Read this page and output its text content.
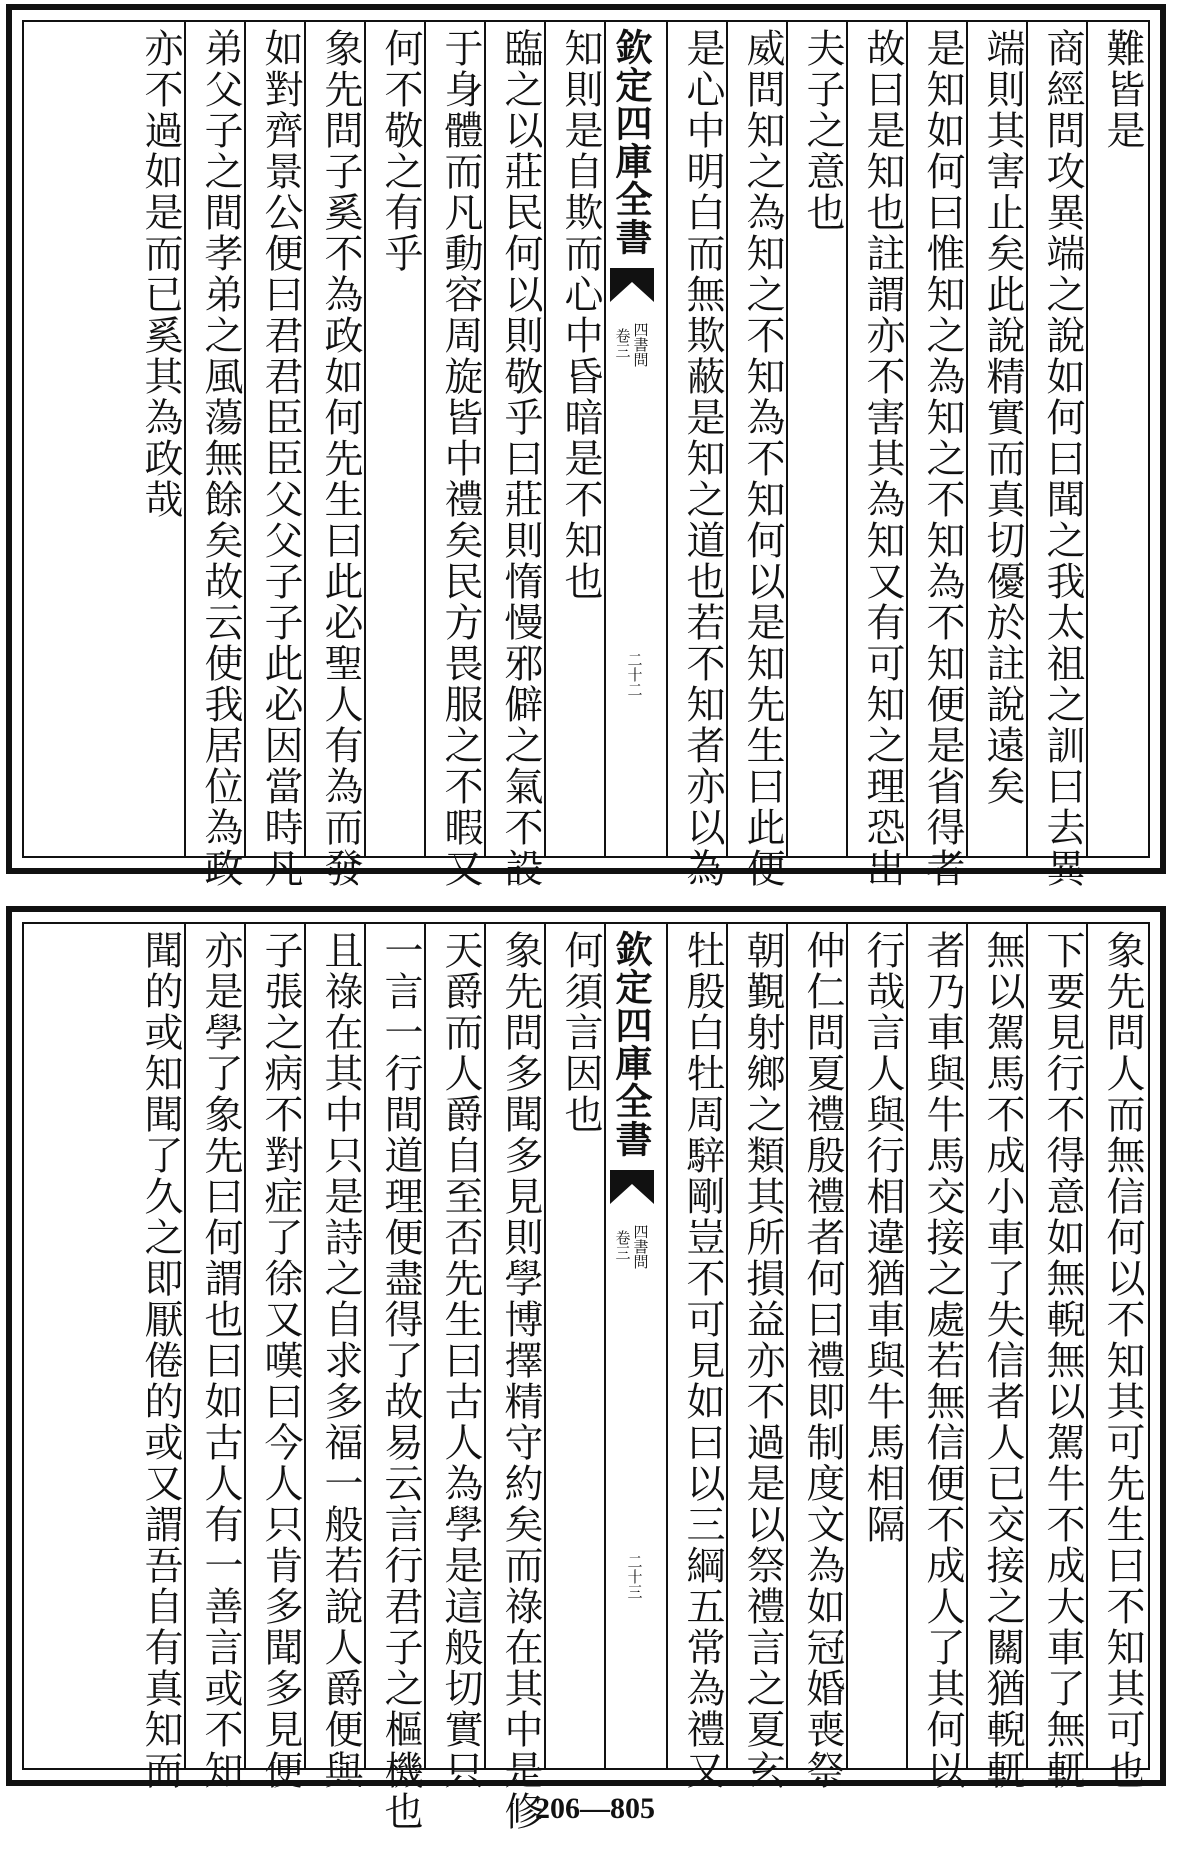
難皆是
商經問攻異端之說如何曰聞之我太祖之訓曰去異
端則其害止矣此說精實而真切優於註說遠矣
是知如何曰惟知之為知之不知為不知便是省得者
故曰是知也註謂亦不害其為知又有可知之理恐出
夫子之意也
威問知之為知之不知為不知何以是知先生曰此便
是心中明白而無欺蔽是知之道也若不知者亦以為
欽定四庫全書
四書問
卷三
二十二
知則是自欺而心中昏暗是不知也
臨之以莊民何以則敬乎曰莊則惰慢邪僻之氣不設
于身體而凡動容周旋皆中禮矣民方畏服之不暇又
何不敬之有乎
象先問子奚不為政如何先生曰此必聖人有為而發
如對齊景公便曰君君臣臣父父子子此必因當時凡
弟父子之間孝弟之風蕩無餘矣故云使我居位為政
亦不過如是而已奚其為政哉
象先問人而無信何以不知其可先生曰不知其可也
下要見行不得意如無輗無以駕牛不成大車了無軏
無以駕馬不成小車了失信者人已交接之關猶輗軏
者乃車與牛馬交接之處若無信便不成人了其何以
行哉言人與行相違猶車與牛馬相隔
仲仁問夏禮殷禮者何曰禮即制度文為如冠婚喪祭
朝覲射鄉之類其所損益亦不過是以祭禮言之夏玄
牡殷白牡周騂剛豈不可見如曰以三綱五常為禮又
欽定四庫全書
四書問
卷三
二十三
何須言因也
象先問多聞多見則學博擇精守約矣而祿在其中是修
天爵而人爵自至否先生曰古人為學是這般切實只
一言一行間道理便盡得了故易云言行君子之樞機也
且祿在其中只是詩之自求多福一般若說人爵便與
子張之病不對症了徐又嘆曰今人只肯多聞多見便
亦是學了象先曰何謂也曰如古人有一善言或不知
聞的或知聞了久之即厭倦的或又謂吾自有真知而
206—805
